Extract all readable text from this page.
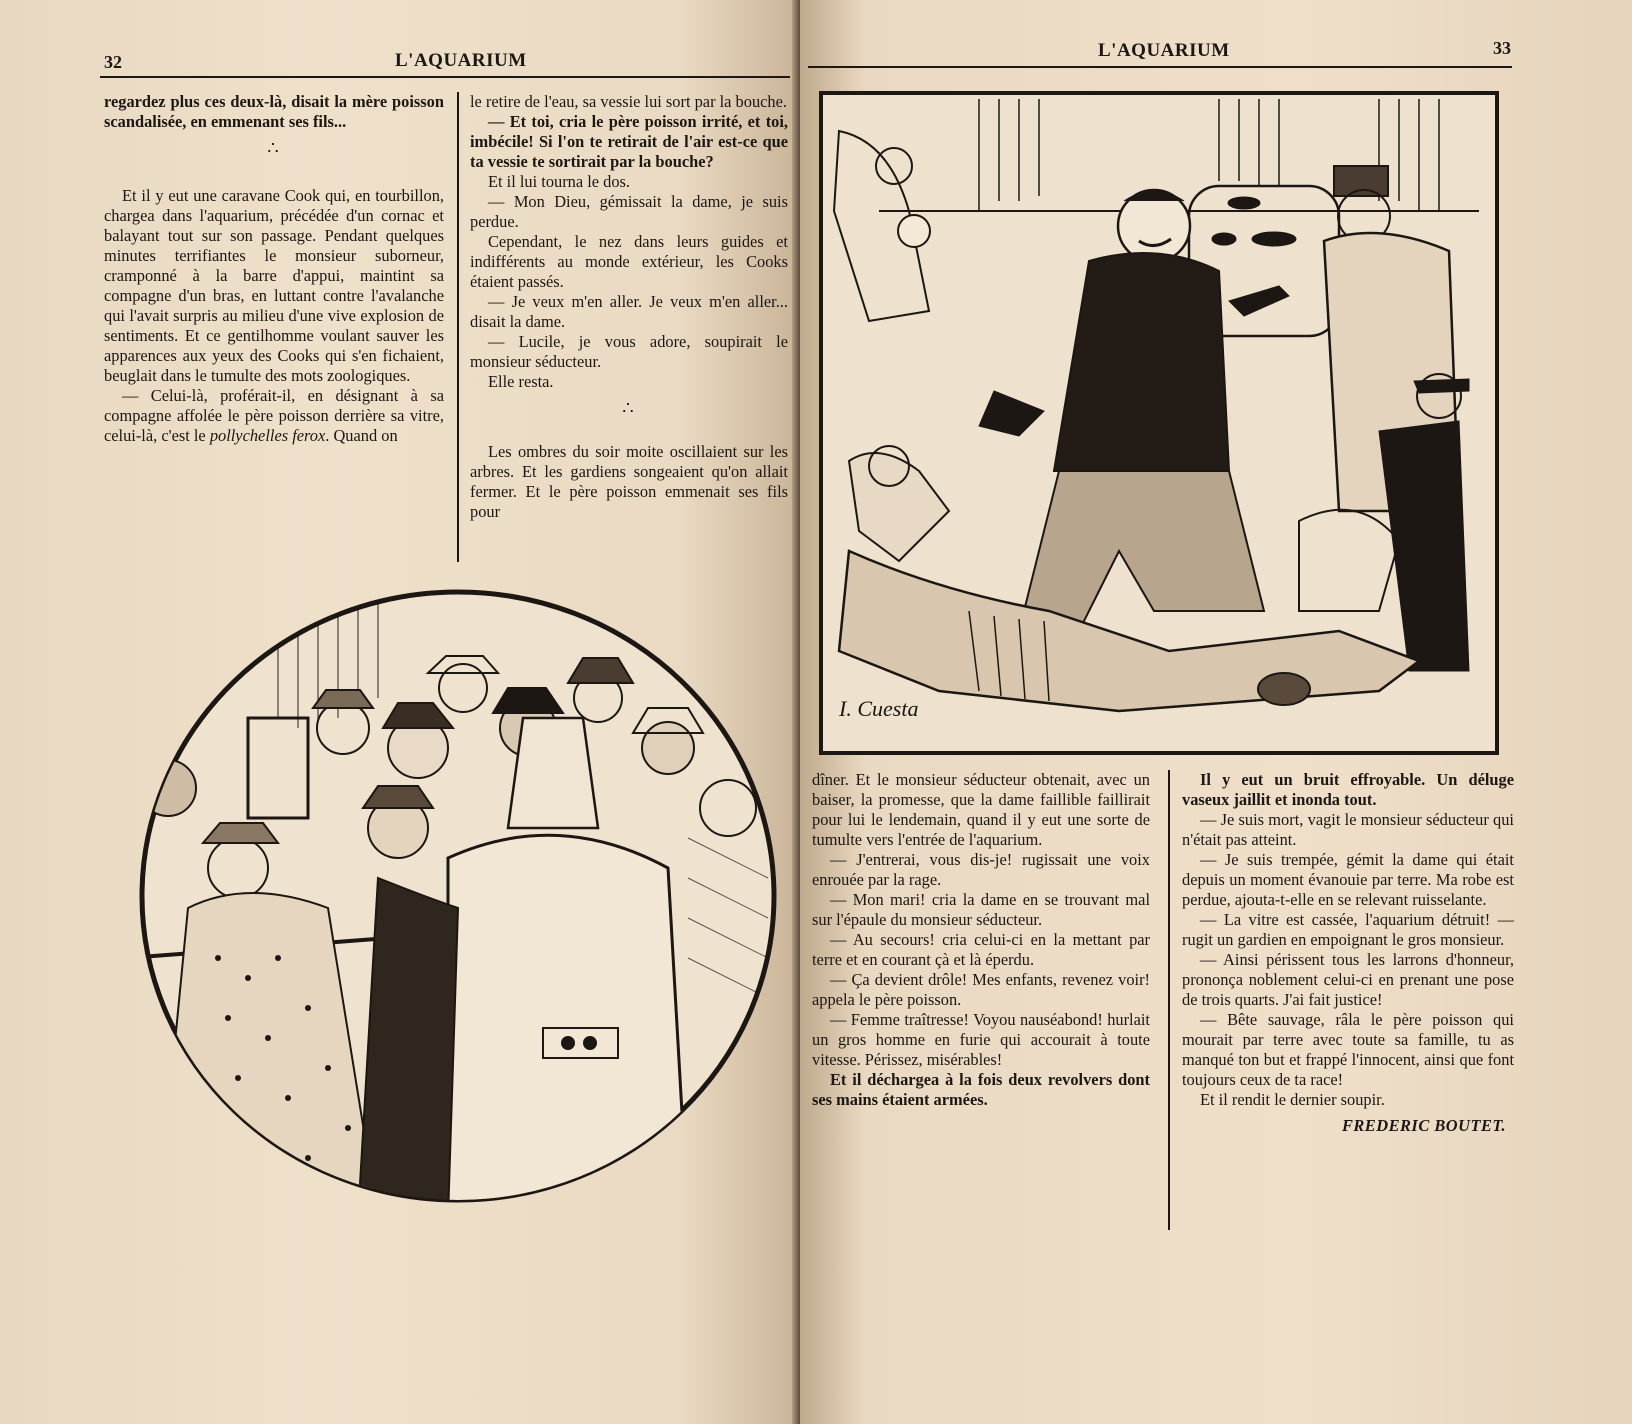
32	L'AQUARIUM

regardez plus ces deux-là, disait la mère poisson scandalisée, en emmenant ses fils...

∴

Et il y eut une caravane Cook qui, en tourbillon, chargea dans l'aquarium, précédée d'un cornac et balayant tout sur son passage. Pendant quelques minutes terrifiantes le monsieur suborneur, cramponné à la barre d'appui, maintint sa compagne d'un bras, en luttant contre l'avalanche qui l'avait surpris au milieu d'une vive explosion de sentiments. Et ce gentilhomme voulant sauver les apparences aux yeux des Cooks qui s'en fichaient, beuglait dans le tumulte des mots zoologiques.

— Celui-là, proférait-il, en désignant à sa compagne affolée le père poisson derrière sa vitre, celui-là, c'est le pollychelles ferox. Quand on

le retire de l'eau, sa vessie lui sort par la bouche.

— Et toi, cria le père poisson irrité, et toi, imbécile! Si l'on te retirait de l'air est-ce que ta vessie te sortirait par la bouche?

Et il lui tourna le dos.

— Mon Dieu, gémissait la dame, je suis perdue.

Cependant, le nez dans leurs guides et indifférents au monde extérieur, les Cooks étaient passés.

— Je veux m'en aller. Je veux m'en aller... disait la dame.

— Lucile, je vous adore, soupirait le monsieur séducteur.

Elle resta.

∴

Les ombres du soir moite oscillaient sur les arbres. Et les gardiens songeaient qu'on allait fermer. Et le père poisson emmenait ses fils pour

L'AQUARIUM	33
I. Cuesta

dîner. Et le monsieur séducteur obtenait, avec un baiser, la promesse, que la dame faillible faillirait pour lui le lendemain, quand il y eut une sorte de tumulte vers l'entrée de l'aquarium.

— J'entrerai, vous dis-je! rugissait une voix enrouée par la rage.

— Mon mari! cria la dame en se trouvant mal sur l'épaule du monsieur séducteur.

— Au secours! cria celui-ci en la mettant par terre et en courant çà et là éperdu.

— Ça devient drôle! Mes enfants, revenez voir! appela le père poisson.

— Femme traîtresse! Voyou nauséabond! hurlait un gros homme en furie qui accourait à toute vitesse. Périssez, misérables!

Et il déchargea à la fois deux revolvers dont ses mains étaient armées.

Il y eut un bruit effroyable. Un déluge vaseux jaillit et inonda tout.

— Je suis mort, vagit le monsieur séducteur qui n'était pas atteint.

— Je suis trempée, gémit la dame qui était depuis un moment évanouie par terre. Ma robe est perdue, ajouta-t-elle en se relevant ruisselante.

— La vitre est cassée, l'aquarium détruit! — rugit un gardien en empoignant le gros monsieur.

— Ainsi périssent tous les larrons d'honneur, prononça noblement celui-ci en prenant une pose de trois quarts. J'ai fait justice!

— Bête sauvage, râla le père poisson qui mourait par terre avec toute sa famille, tu as manqué ton but et frappé l'innocent, ainsi que font toujours ceux de ta race!

Et il rendit le dernier soupir.

FREDERIC BOUTET.
